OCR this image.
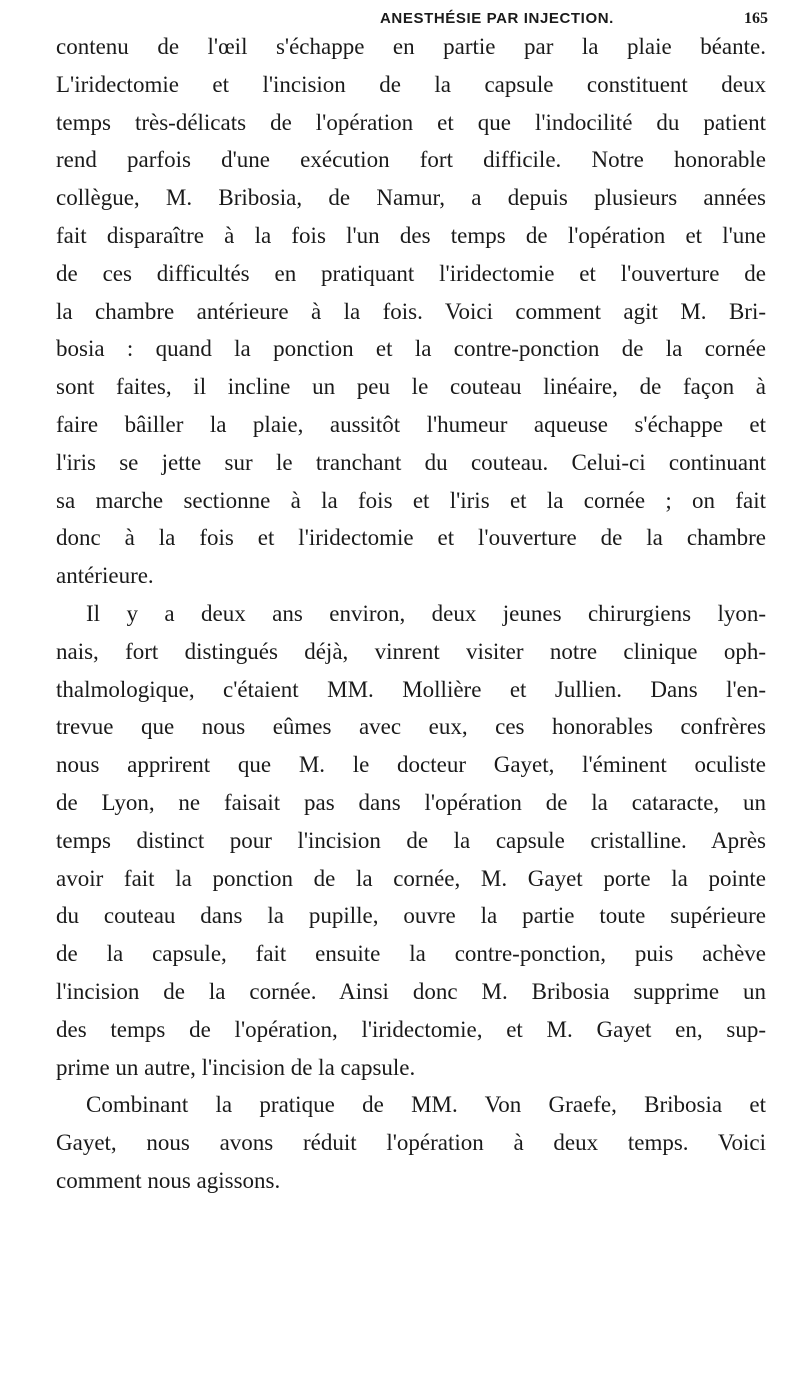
ANESTHÉSIE PAR INJECTION.	165

contenu de l'œil s'échappe en partie par la plaie béante.
L'iridectomie et l'incision de la capsule constituent deux
temps très-délicats de l'opération et que l'indocilité du patient
rend parfois d'une exécution fort difficile. Notre honorable
collègue, M. Bribosia, de Namur, a depuis plusieurs années
fait disparaître à la fois l'un des temps de l'opération et l'une
de ces difficultés en pratiquant l'iridectomie et l'ouverture de
la chambre antérieure à la fois. Voici comment agit M. Bri-
bosia : quand la ponction et la contre-ponction de la cornée
sont faites, il incline un peu le couteau linéaire, de façon à
faire bâiller la plaie, aussitôt l'humeur aqueuse s'échappe et
l'iris se jette sur le tranchant du couteau. Celui-ci continuant
sa marche sectionne à la fois et l'iris et la cornée ; on fait
donc à la fois et l'iridectomie et l'ouverture de la chambre
antérieure.

Il y a deux ans environ, deux jeunes chirurgiens lyon-
nais, fort distingués déjà, vinrent visiter notre clinique oph-
thalmologique, c'étaient MM. Mollière et Jullien. Dans l'en-
trevue que nous eûmes avec eux, ces honorables confrères
nous apprirent que M. le docteur Gayet, l'éminent oculiste
de Lyon, ne faisait pas dans l'opération de la cataracte, un
temps distinct pour l'incision de la capsule cristalline. Après
avoir fait la ponction de la cornée, M. Gayet porte la pointe
du couteau dans la pupille, ouvre la partie toute supérieure
de la capsule, fait ensuite la contre-ponction, puis achève
l'incision de la cornée. Ainsi donc M. Bribosia supprime un
des temps de l'opération, l'iridectomie, et M. Gayet en, sup-
prime un autre, l'incision de la capsule.

Combinant la pratique de MM. Von Graefe, Bribosia et
Gayet, nous avons réduit l'opération à deux temps. Voici
comment nous agissons.
